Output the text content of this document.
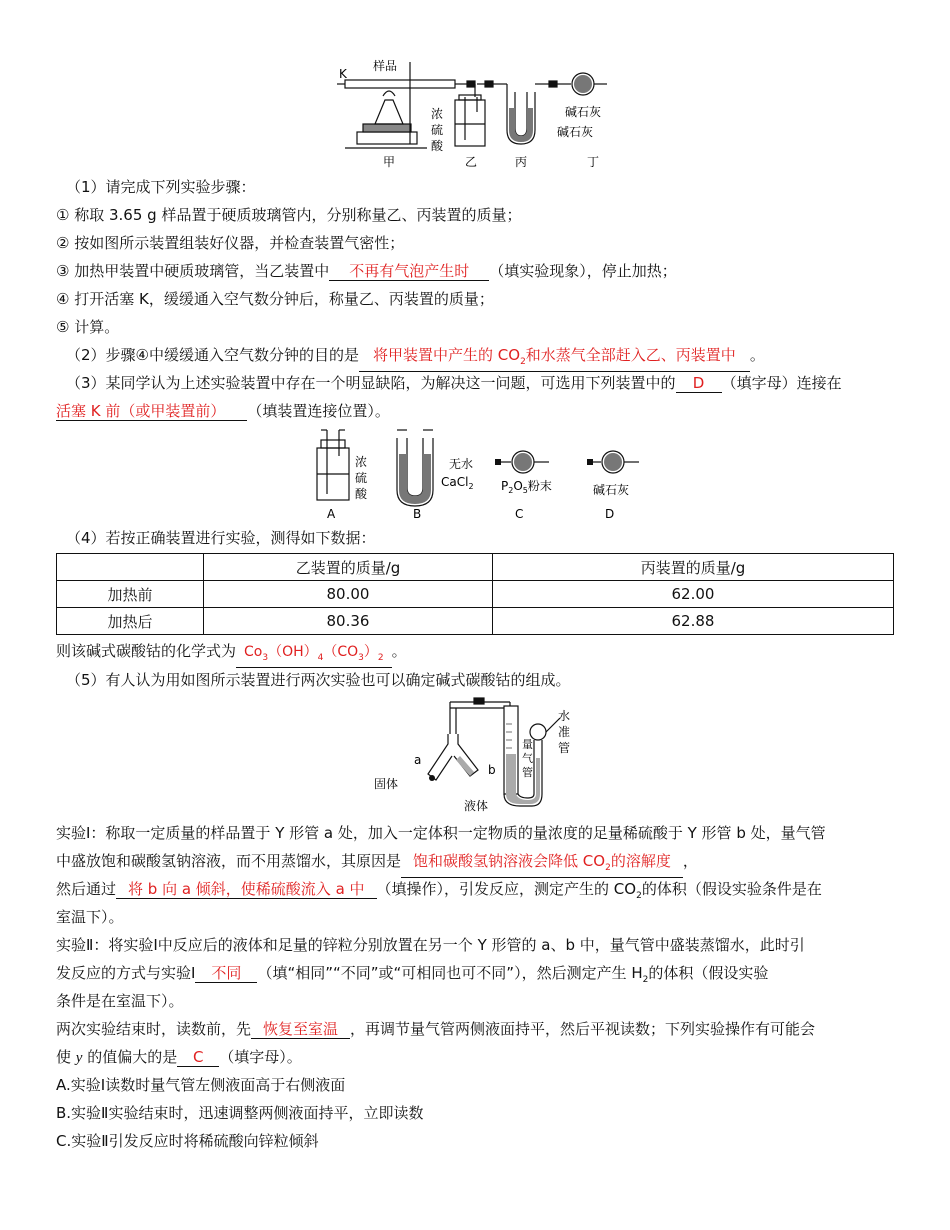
K
样品
浓
硫
酸
碱石灰
碱石灰
甲	乙	丙	丁
（1）请完成下列实验步骤：
① 称取 3.65 g 样品置于硬质玻璃管内，分别称量乙、丙装置的质量；
② 按如图所示装置组装好仪器，并检查装置气密性；
③ 加热甲装置中硬质玻璃管，当乙装置中 不再有气泡产生时 （填实验现象），停止加热；
④ 打开活塞 K，缓缓通入空气数分钟后，称量乙、丙装置的质量；
⑤ 计算。
（2）步骤④中缓缓通入空气数分钟的目的是 将甲装置中产生的 $CO_2$和水蒸气全部赶入乙、丙装置中 。
（3）某同学认为上述实验装置中存在一个明显缺陷，为解决这一问题，可选用下列装置中的 D （填字母）连接在
活塞 K 前（或甲装置前） （填装置连接位置）。
浓
硫
酸
无水
CaCl$_2$ $P_2O_5$粉末	碱石灰
A	B	C	D
（4）若按正确装置进行实验，测得如下数据：
	乙装置的质量/g	丙装置的质量/g
加热前	80.00	62.00
加热后	80.36	62.88
则该碱式碳酸钴的化学式为 $Co_3(OH)_4(CO_3)_2$ 。
（5）有人认为用如图所示装置进行两次实验也可以确定碱式碳酸钴的组成。
a
b
固体
液体
量
气
管
水
准
管
实验Ⅰ：称取一定质量的样品置于 Y 形管 a 处，加入一定体积一定物质的量浓度的足量稀硫酸于 Y 形管 b 处，量气管
中盛放饱和碳酸氢钠溶液，而不用蒸馏水，其原因是 饱和碳酸氢钠溶液会降低 $CO_2$的溶解度 ，
然后通过 将 b 向 a 倾斜，使稀硫酸流入 a 中 （填操作），引发反应，测定产生的 $CO_2$的体积（假设实验条件是在
室温下）。
实验Ⅱ：将实验Ⅰ中反应后的液体和足量的锌粒分别放置在另一个 Y 形管的 a、b 中，量气管中盛装蒸馏水，此时引
发反应的方式与实验Ⅰ 不同 （填“相同”“不同”或“可相同也可不同”），然后测定产生 $H_2$的体积（假设实验
条件是在室温下）。
两次实验结束时，读数前，先 恢复至室温 ，再调节量气管两侧液面持平，然后平视读数；下列实验操作有可能会
使 y 的值偏大的是 C （填字母）。
A.实验Ⅰ读数时量气管左侧液面高于右侧液面
B.实验Ⅱ实验结束时，迅速调整两侧液面持平，立即读数
C.实验Ⅱ引发反应时将稀硫酸向锌粒倾斜
